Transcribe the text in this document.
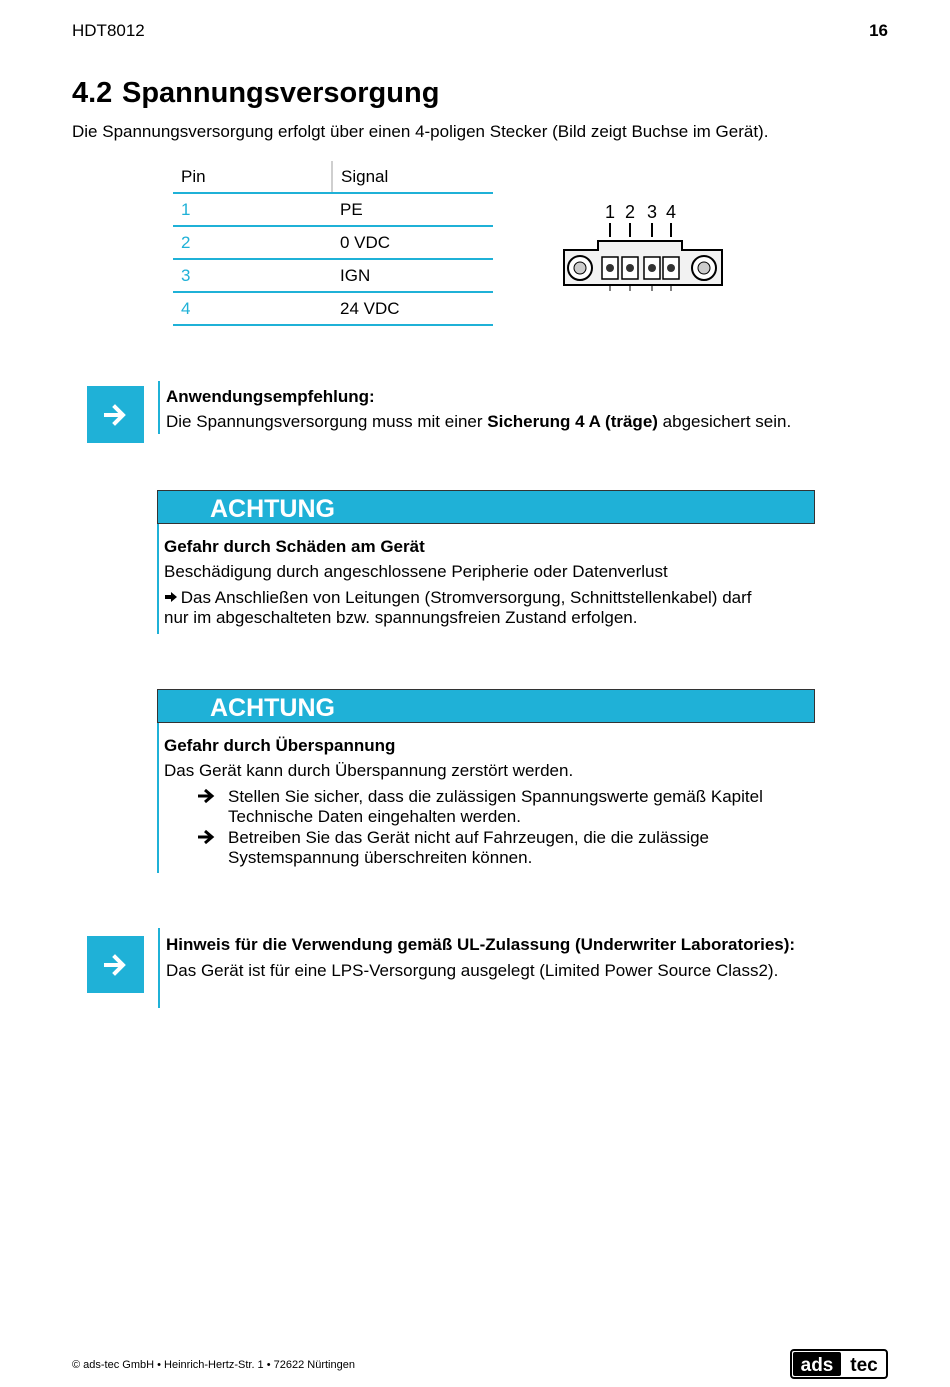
HDT8012	16
4.2 Spannungsversorgung
Die Spannungsversorgung erfolgt über einen 4-poligen Stecker (Bild zeigt Buchse im Gerät).
Pin	Signal
1	PE
2	0 VDC
3	IGN
4	24 VDC
1 2 3 4
Anwendungsempfehlung:
Die Spannungsversorgung muss mit einer Sicherung 4 A (träge) abgesichert sein.
ACHTUNG
Gefahr durch Schäden am Gerät
Beschädigung durch angeschlossene Peripherie oder Datenverlust
Das Anschließen von Leitungen (Stromversorgung, Schnittstellenkabel) darf
nur im abgeschalteten bzw. spannungsfreien Zustand erfolgen.
ACHTUNG
Gefahr durch Überspannung
Das Gerät kann durch Überspannung zerstört werden.
Stellen Sie sicher, dass die zulässigen Spannungswerte gemäß Kapitel
Technische Daten eingehalten werden.
Betreiben Sie das Gerät nicht auf Fahrzeugen, die die zulässige
Systemspannung überschreiten können.
Hinweis für die Verwendung gemäß UL-Zulassung (Underwriter Laboratories):
Das Gerät ist für eine LPS-Versorgung ausgelegt (Limited Power Source Class2).
© ads-tec GmbH • Heinrich-Hertz-Str. 1 • 72622 Nürtingen	ads tec
